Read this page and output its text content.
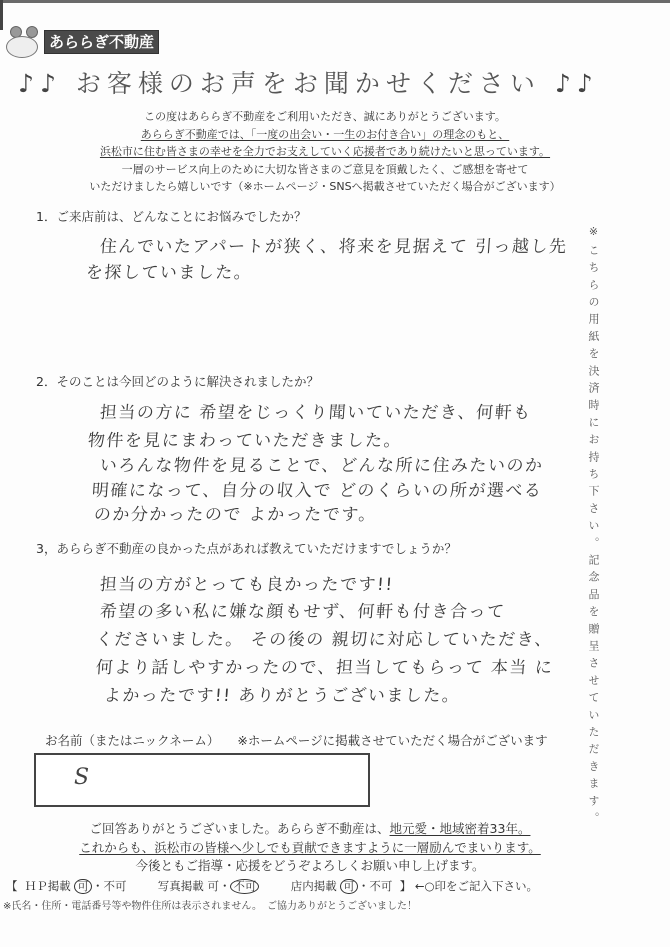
あららぎ不動産
♪♪ お客様のお声をお聞かせください ♪♪
この度はあららぎ不動産をご利用いただき、誠にありがとうございます。
あららぎ不動産では、「一度の出会い・一生のお付き合い」の理念のもと、
浜松市に住む皆さまの幸せを全力でお支えしていく応援者であり続けたいと思っています。
一層のサービス向上のために大切な皆さまのご意見を頂戴したく、ご感想を寄せて
いただけましたら嬉しいです（※ホームページ・SNSへ掲載させていただく場合がございます）
1．ご来店前は、どんなことにお悩みでしたか？
住んでいたアパートが狭く、将来を見据えて 引っ越し先
を探していました。
2．そのことは今回どのように解決されましたか？
担当の方に 希望をじっくり聞いていただき、何軒も
物件を見にまわっていただきました。
いろんな物件を見ることで、どんな所に住みたいのか
明確になって、自分の収入で どのくらいの所が選べる
のか分かったので よかったです。
3，あららぎ不動産の良かった点があれば教えていただけますでしょうか？
担当の方がとっても良かったです!!
希望の多い私に嫌な顔もせず、何軒も付き合って
くださいました。 その後の 親切に対応していただき、
何より話しやすかったので、担当してもらって 本当 に
よかったです!! ありがとうございました。	※こちらの用紙を決済時にお持ち下さい。記念品を贈呈させていただきます。
お名前（またはニックネーム） ※ホームページに掲載させていただく場合がございます
S
ご回答ありがとうございました。あららぎ不動産は、地元愛・地域密着33年。
これからも、浜松市の皆様へ少しでも貢献できますように一層励んでまいります。
今後ともご指導・応援をどうぞよろしくお願い申し上げます。
【 ＨＰ掲載 可 ・不可	写真掲載 可・ 不可	店内掲載 可 ・不可 】 ←○印をご記入下さい。
※氏名・住所・電話番号等や物件住所は表示されません。　ご協力ありがとうございました！
